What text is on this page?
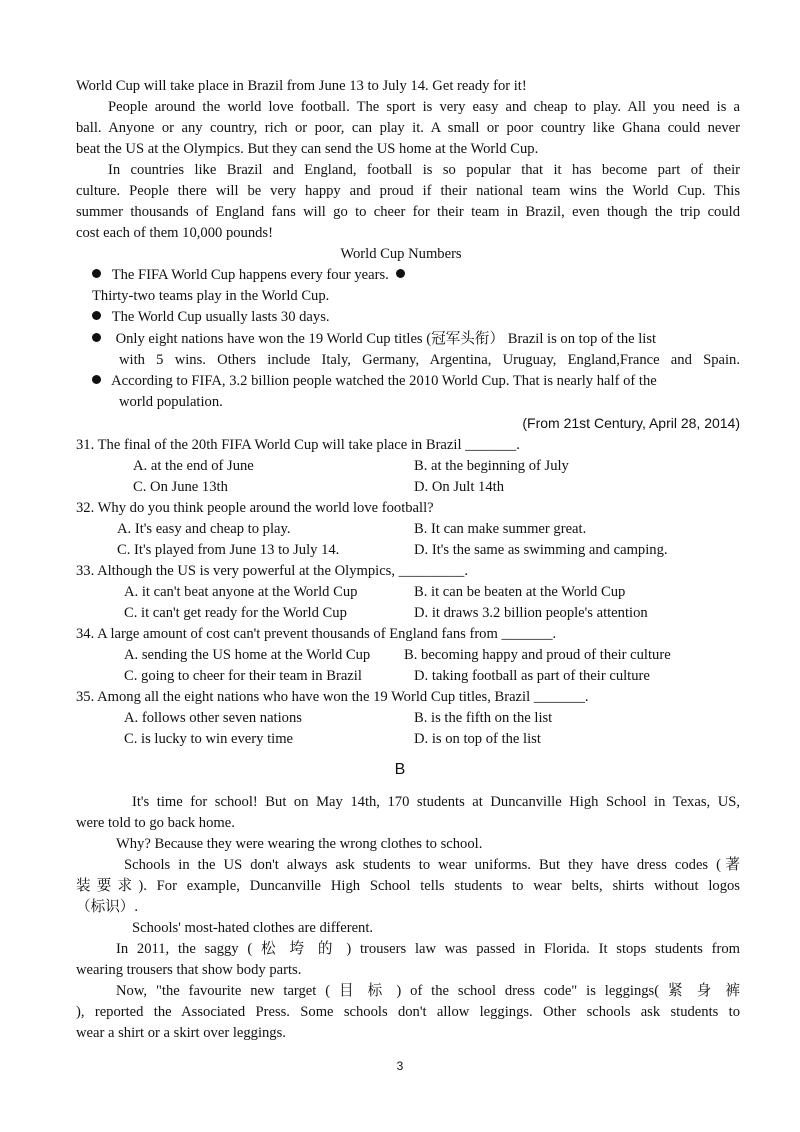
World Cup will take place in Brazil from June 13 to July 14. Get ready for it!
People around the world love football. The sport is very easy and cheap to play. All you need is a
ball. Anyone or any country, rich or poor, can play it. A small or poor country like Ghana could never
beat the US at the Olympics. But they can send the US home at the World Cup.
In countries like Brazil and England, football is so popular that it has become part of their
culture. People there will be very happy and proud if their national team wins the World Cup. This
summer thousands of England fans will go to cheer for their team in Brazil, even though the trip could
cost each of them 10,000 pounds!
World Cup Numbers
The FIFA World Cup happens every four years.
Thirty-two teams play in the World Cup.
The World Cup usually lasts 30 days.
Only eight nations have won the 19 World Cup titles (冠军头衔） Brazil is on top of the list
with 5 wins. Others include Italy, Germany, Argentina, Uruguay, England,France and Spain.
According to FIFA, 3.2 billion people watched the 2010 World Cup. That is nearly half of the
world population.
(From 21st Century, April 28, 2014)
31. The final of the 20th FIFA World Cup will take place in Brazil _______.
A. at the end of June	B. at the beginning of July
C. On June 13th	D. On Jult 14th
32. Why do you think people around the world love football?
A. It's easy and cheap to play.	B. It can make summer great.
C. It's played from June 13 to July 14.	D. It's the same as swimming and camping.
33. Although the US is very powerful at the Olympics, _________.
A. it can't beat anyone at the World Cup	B. it can be beaten at the World Cup
C. it can't get ready for the World Cup	D. it draws 3.2 billion people's attention
34. A large amount of cost can't prevent thousands of England fans from _______.
A. sending the US home at the World Cup B. becoming happy and proud of their culture
C. going to cheer for their team in Brazil	D. taking football as part of their culture
35. Among all the eight nations who have won the 19 World Cup titles, Brazil _______.
A. follows other seven nations	B. is the fifth on the list
C. is lucky to win every time	D. is on top of the list
B
It's time for school! But on May 14th, 170 students at Duncanville High School in Texas, US,
were told to go back home.
Why? Because they were wearing the wrong clothes to school.
Schools in the US don't always ask students to wear uniforms. But they have dress codes (著
装要求). For example, Duncanville High School tells students to wear belts, shirts without logos
（标识）.
Schools' most-hated clothes are different.
In 2011, the saggy ( 松 垮 的 ) trousers law was passed in Florida. It stops students from
wearing trousers that show body parts.
Now, "the favourite new target ( 目 标 ) of the school dress code" is leggings( 紧 身 裤
), reported the Associated Press. Some schools don't allow leggings. Other schools ask students to
wear a shirt or a skirt over leggings.
3
